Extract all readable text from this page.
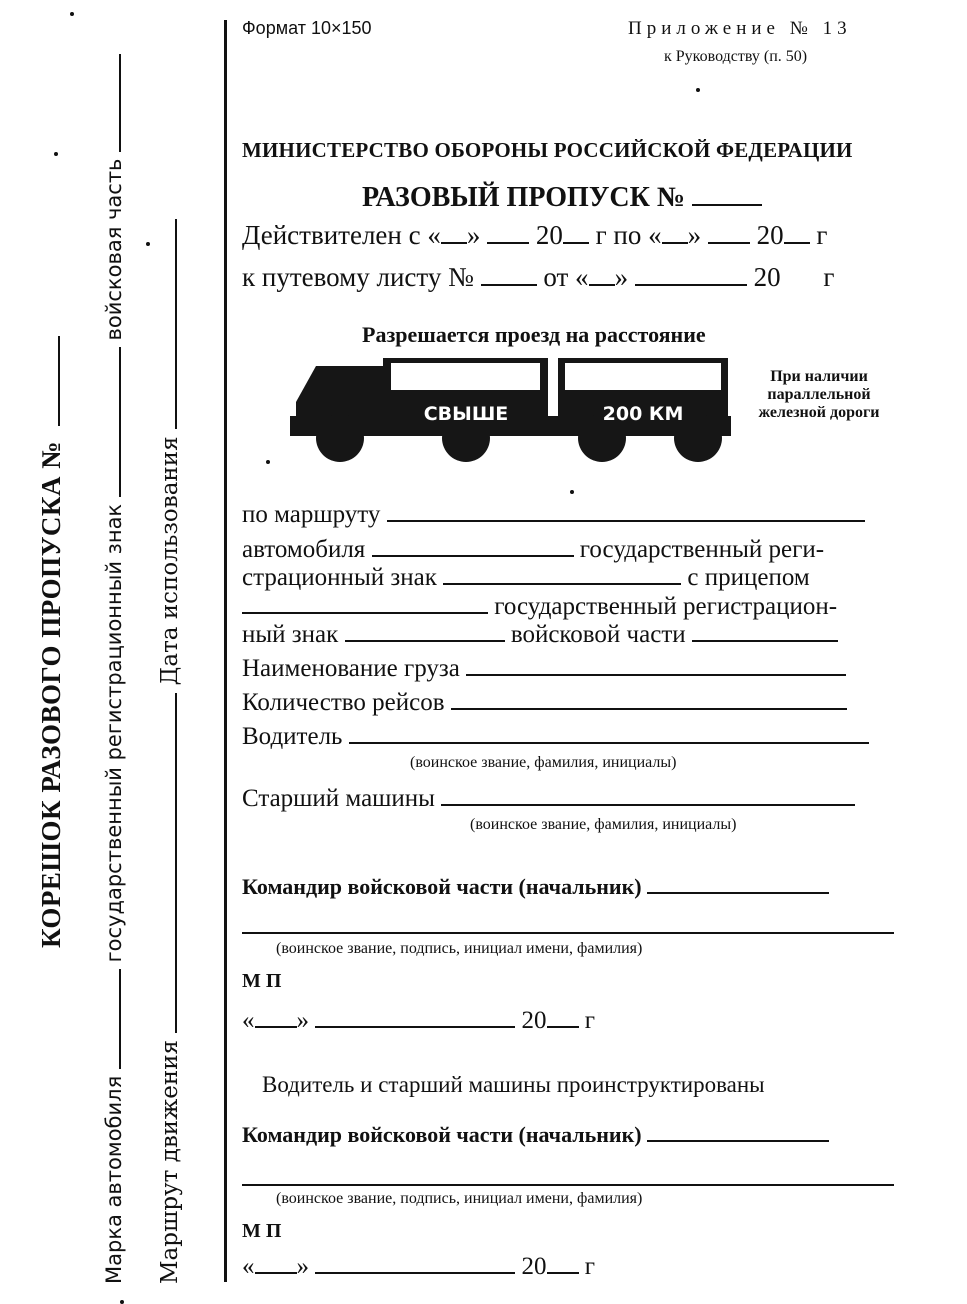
КОРЕШОК РАЗОВОГО ПРОПУСКА №
Марка автомобиля  государственный регистрационный знак  войсковая часть
Маршрут движения  Дата использования
Формат 10×150	Приложение № 13
к Руководству (п. 50)
МИНИСТЕРСТВО ОБОРОНЫ РОССИЙСКОЙ ФЕДЕРАЦИИ
РАЗОВЫЙ ПРОПУСК №
Действителен с « » 20 г по « » 20 г
к путевому листу №	от « »	20 г
Разрешается проезд на расстояние
СВЫШЕ	200 КМ
При наличии параллельной железной дороги
по маршруту
автомобиля	государственный реги-
страционный знак	с прицепом
государственный регистрацион-
ный знак	войсковой части
Наименование груза
Количество рейсов
Водитель
(воинское звание, фамилия, инициалы)
Старший машины
(воинское звание, фамилия, инициалы)
Командир войсковой части (начальник)
(воинское звание, подпись, инициал имени, фамилия)
М П
« »	20 г
Водитель и старший машины проинструктированы
Командир войсковой части (начальник)
(воинское звание, подпись, инициал имени, фамилия)
М П
« »	20 г
